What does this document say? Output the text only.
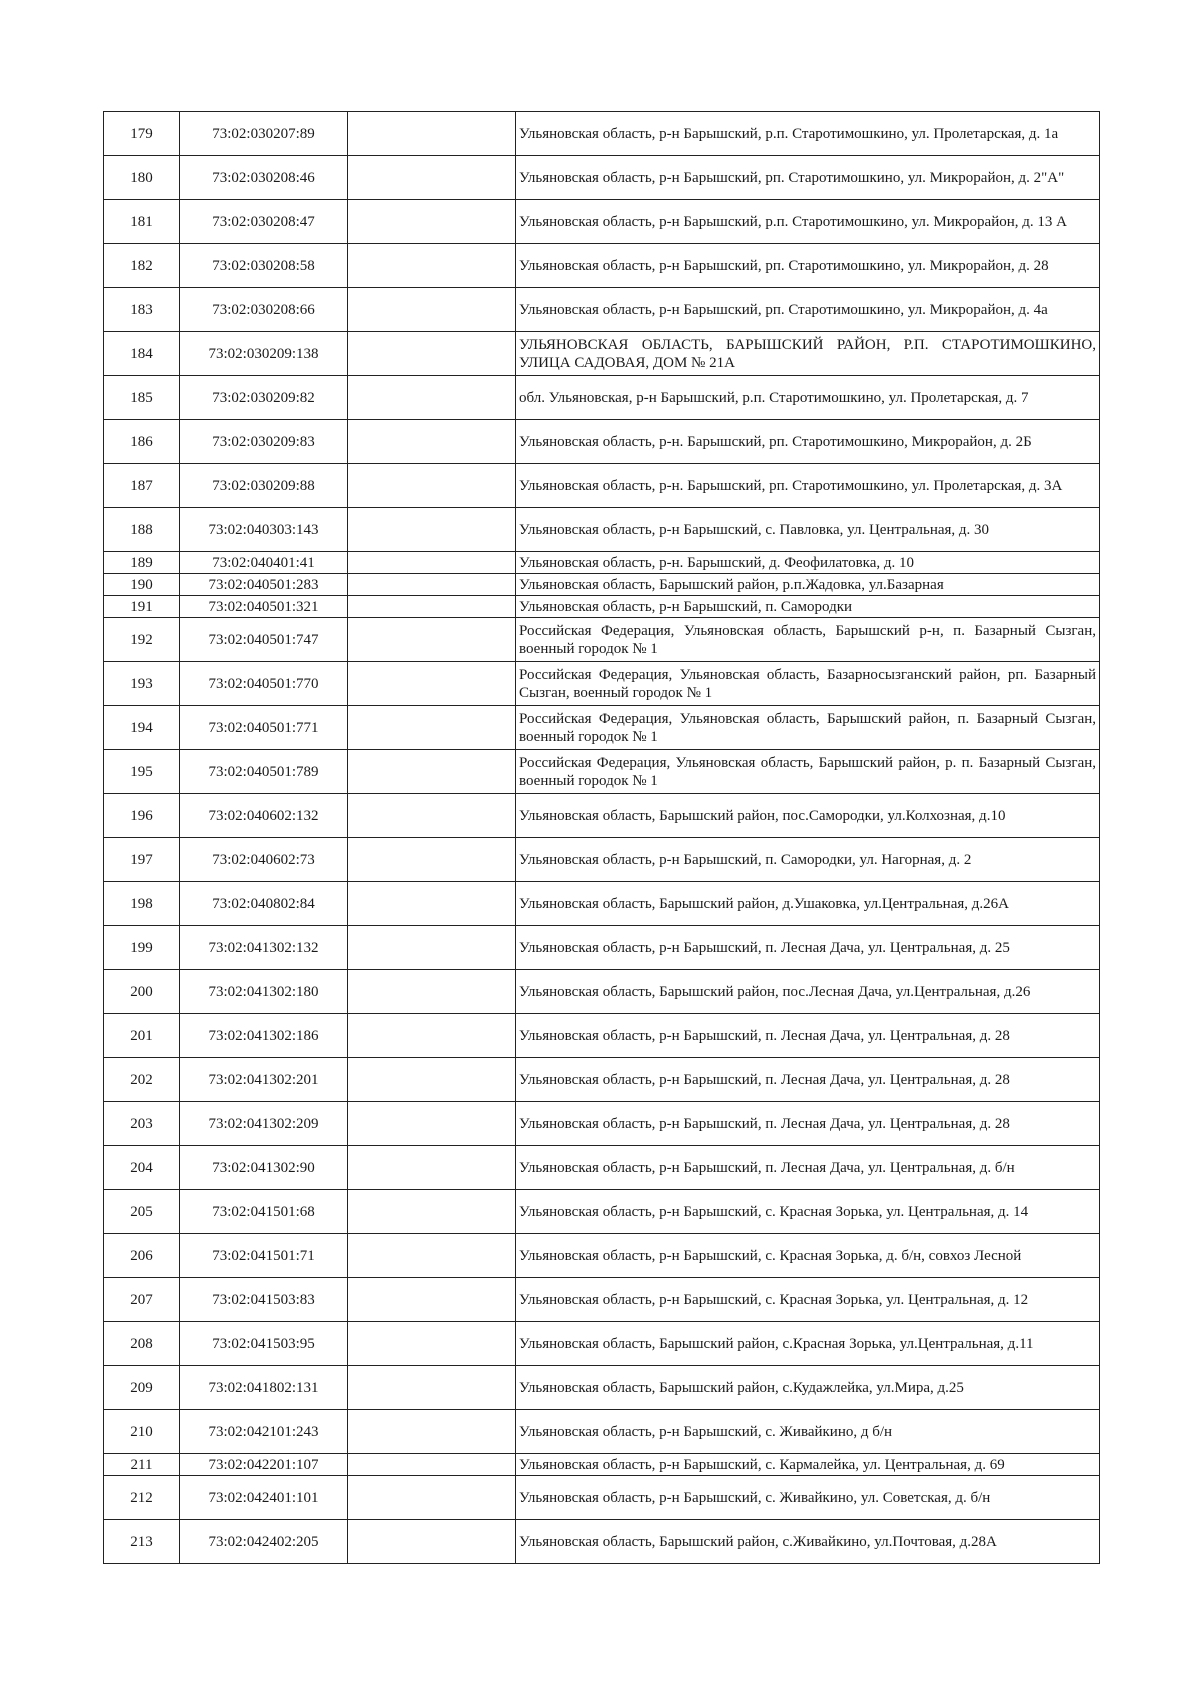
179	73:02:030207:89		Ульяновская область, р-н Барышский, р.п. Старотимошкино, ул. Пролетарская, д. 1а
180	73:02:030208:46		Ульяновская область, р-н Барышский, рп. Старотимошкино, ул. Микрорайон, д. 2"А"
181	73:02:030208:47		Ульяновская область, р-н Барышский, р.п. Старотимошкино, ул. Микрорайон, д. 13 А
182	73:02:030208:58		Ульяновская область, р-н Барышский, рп. Старотимошкино, ул. Микрорайон, д. 28
183	73:02:030208:66		Ульяновская область, р-н Барышский, рп. Старотимошкино, ул. Микрорайон, д. 4а
184	73:02:030209:138		УЛЬЯНОВСКАЯ ОБЛАСТЬ, БАРЫШСКИЙ РАЙОН, Р.П. СТАРОТИМОШКИНО, УЛИЦА САДОВАЯ, ДОМ № 21А
185	73:02:030209:82		обл. Ульяновская, р-н Барышский, р.п. Старотимошкино, ул. Пролетарская, д. 7
186	73:02:030209:83		Ульяновская область, р-н. Барышский, рп. Старотимошкино, Микрорайон, д. 2Б
187	73:02:030209:88		Ульяновская область, р-н. Барышский, рп. Старотимошкино, ул. Пролетарская, д. 3А
188	73:02:040303:143		Ульяновская область, р-н Барышский, с. Павловка, ул. Центральная, д. 30
189	73:02:040401:41		Ульяновская область, р-н. Барышский, д. Феофилатовка, д. 10
190	73:02:040501:283		Ульяновская область, Барышский район, р.п.Жадовка, ул.Базарная
191	73:02:040501:321		Ульяновская область, р-н Барышский, п. Самородки
192	73:02:040501:747		Российская Федерация, Ульяновская область, Барышский р-н, п. Базарный Сызган, военный городок № 1
193	73:02:040501:770		Российская Федерация, Ульяновская область, Базарносызганский район, рп. Базарный Сызган, военный городок № 1
194	73:02:040501:771		Российская Федерация, Ульяновская область, Барышский район, п. Базарный Сызган, военный городок № 1
195	73:02:040501:789		Российская Федерация, Ульяновская область, Барышский район, р. п. Базарный Сызган, военный городок № 1
196	73:02:040602:132		Ульяновская область, Барышский район, пос.Самородки, ул.Колхозная, д.10
197	73:02:040602:73		Ульяновская область, р-н Барышский, п. Самородки, ул. Нагорная, д. 2
198	73:02:040802:84		Ульяновская область, Барышский район, д.Ушаковка, ул.Центральная, д.26А
199	73:02:041302:132		Ульяновская область, р-н Барышский, п. Лесная Дача, ул. Центральная, д. 25
200	73:02:041302:180		Ульяновская область, Барышский район, пос.Лесная Дача, ул.Центральная, д.26
201	73:02:041302:186		Ульяновская область, р-н Барышский, п. Лесная Дача, ул. Центральная, д. 28
202	73:02:041302:201		Ульяновская область, р-н Барышский, п. Лесная Дача, ул. Центральная, д. 28
203	73:02:041302:209		Ульяновская область, р-н Барышский, п. Лесная Дача, ул. Центральная, д. 28
204	73:02:041302:90		Ульяновская область, р-н Барышский, п. Лесная Дача, ул. Центральная, д. б/н
205	73:02:041501:68		Ульяновская область, р-н Барышский, с. Красная Зорька, ул. Центральная, д. 14
206	73:02:041501:71		Ульяновская область, р-н Барышский, с. Красная Зорька, д. б/н, совхоз Лесной
207	73:02:041503:83		Ульяновская область, р-н Барышский, с. Красная Зорька, ул. Центральная, д. 12
208	73:02:041503:95		Ульяновская область, Барышский район, с.Красная Зорька, ул.Центральная, д.11
209	73:02:041802:131		Ульяновская область, Барышский район, с.Кудажлейка, ул.Мира, д.25
210	73:02:042101:243		Ульяновская область, р-н Барышский, с. Живайкино, д б/н
211	73:02:042201:107		Ульяновская область, р-н Барышский, с. Кармалейка, ул. Центральная, д. 69
212	73:02:042401:101		Ульяновская область, р-н Барышский, с. Живайкино, ул. Советская, д. б/н
213	73:02:042402:205		Ульяновская область, Барышский район, с.Живайкино, ул.Почтовая, д.28А
